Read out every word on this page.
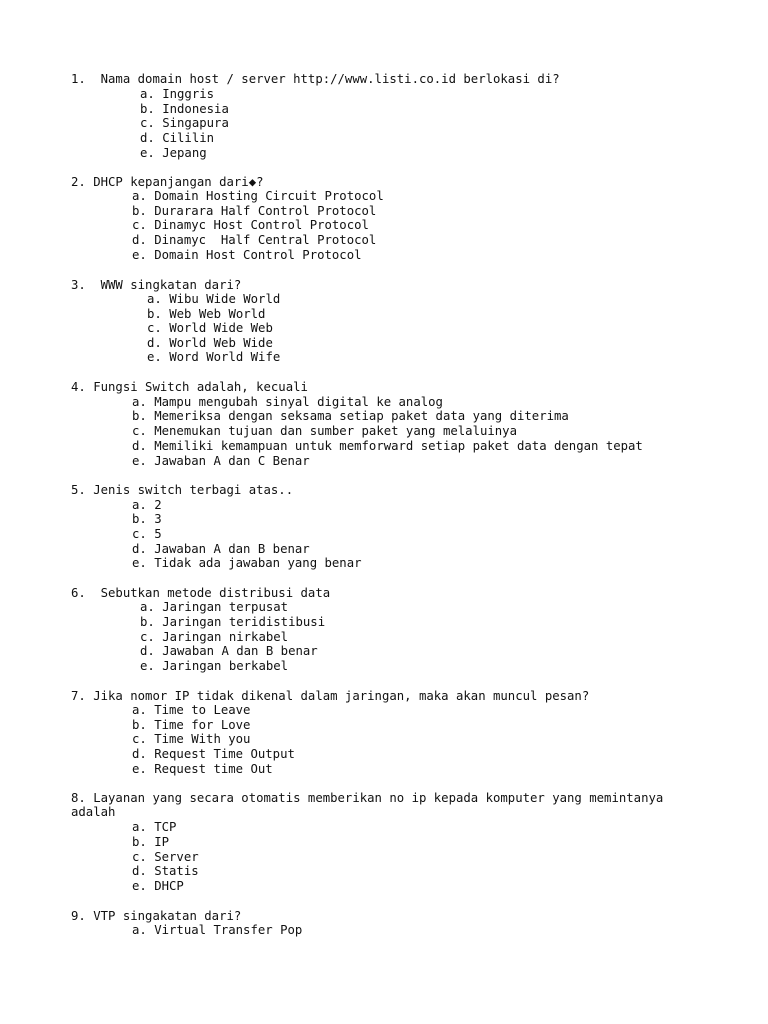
1.  Nama domain host / server http://www.listi.co.id berlokasi di?
a. Inggris
b. Indonesia
c. Singapura
d. Cililin
e. Jepang
2. DHCP kepanjangan dari◆?
a. Domain Hosting Circuit Protocol
b. Durarara Half Control Protocol
c. Dinamyc Host Control Protocol
d. Dinamyc  Half Central Protocol
e. Domain Host Control Protocol
3.  WWW singkatan dari?
a. Wibu Wide World
b. Web Web World
c. World Wide Web
d. World Web Wide
e. Word World Wife
4. Fungsi Switch adalah, kecuali
a. Mampu mengubah sinyal digital ke analog
b. Memeriksa dengan seksama setiap paket data yang diterima
c. Menemukan tujuan dan sumber paket yang melaluinya
d. Memiliki kemampuan untuk memforward setiap paket data dengan tepat
e. Jawaban A dan C Benar
5. Jenis switch terbagi atas..
a. 2
b. 3
c. 5
d. Jawaban A dan B benar
e. Tidak ada jawaban yang benar
6.  Sebutkan metode distribusi data
a. Jaringan terpusat
b. Jaringan teridistibusi
c. Jaringan nirkabel
d. Jawaban A dan B benar
e. Jaringan berkabel
7. Jika nomor IP tidak dikenal dalam jaringan, maka akan muncul pesan?
a. Time to Leave
b. Time for Love
c. Time With you
d. Request Time Output
e. Request time Out
8. Layanan yang secara otomatis memberikan no ip kepada komputer yang memintanya
adalah
a. TCP
b. IP
c. Server
d. Statis
e. DHCP
9. VTP singakatan dari?
a. Virtual Transfer Pop
